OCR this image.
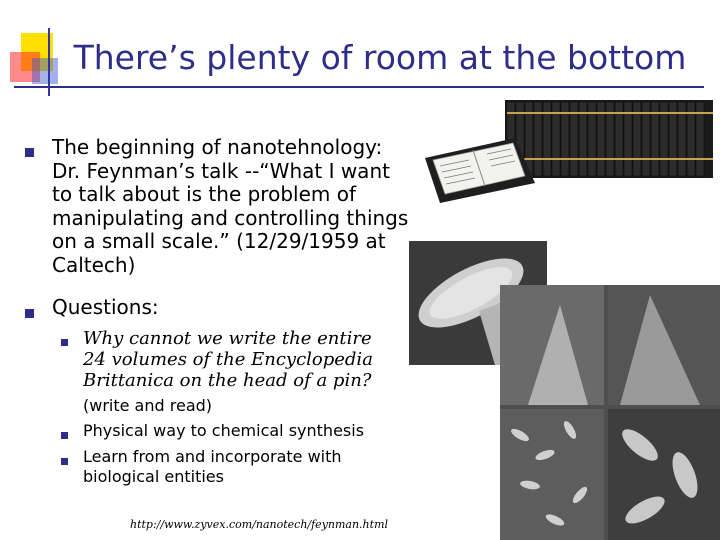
There’s plenty of room at the bottom
The beginning of nanotehnology: Dr. Feynman’s talk --“What I want to talk about is the problem of manipulating and controlling things on a small scale.” (12/29/1959 at Caltech)
Questions:
Why cannot we write the entire 24 volumes of the Encyclopedia Brittanica on the head of a pin?
(write and read)
Physical way to chemical synthesis
Learn from and incorporate with biological entities
http://www.zyvex.com/nanotech/feynman.html
